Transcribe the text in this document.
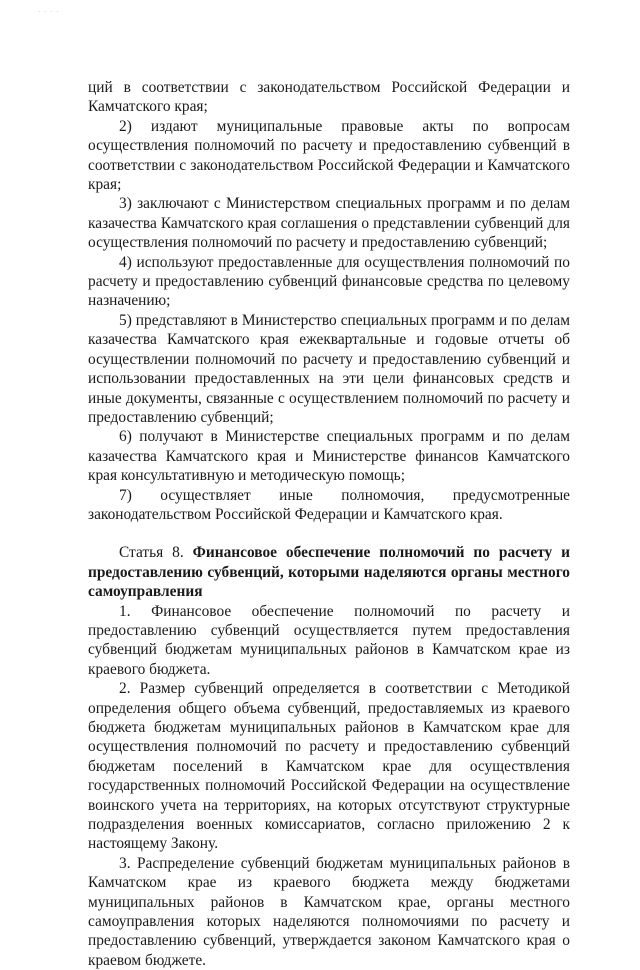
· · · ·

ций в соответствии с законодательством Российской Федерации и Камчатского края;

2) издают муниципальные правовые акты по вопросам осуществления полномочий по расчету и предоставлению субвенций в соответствии с законодательством Российской Федерации и Камчатского края;

3) заключают с Министерством специальных программ и по делам казачества Камчатского края соглашения о представлении субвенций для осуществления полномочий по расчету и предоставлению субвенций;

4) используют предоставленные для осуществления полномочий по расчету и предоставлению субвенций финансовые средства по целевому назначению;

5) представляют в Министерство специальных программ и по делам казачества Камчатского края ежеквартальные и годовые отчеты об осуществлении полномочий по расчету и предоставлению субвенций и использовании предоставленных на эти цели финансовых средств и иные документы, связанные с осуществлением полномочий по расчету и предоставлению субвенций;

6) получают в Министерстве специальных программ и по делам казачества Камчатского края и Министерстве финансов Камчатского края консультативную и методическую помощь;

7) осуществляет иные полномочия, предусмотренные законодательством Российской Федерации и Камчатского края.

Статья 8. Финансовое обеспечение полномочий по расчету и предоставлению субвенций, которыми наделяются органы местного самоуправления

1. Финансовое обеспечение полномочий по расчету и предоставлению субвенций осуществляется путем предоставления субвенций бюджетам муниципальных районов в Камчатском крае из краевого бюджета.

2. Размер субвенций определяется в соответствии с Методикой определения общего объема субвенций, предоставляемых из краевого бюджета бюджетам муниципальных районов в Камчатском крае для осуществления полномочий по расчету и предоставлению субвенций бюджетам поселений в Камчатском крае для осуществления государственных полномочий Российской Федерации на осуществление воинского учета на территориях, на которых отсутствуют структурные подразделения военных комиссариатов, согласно приложению 2 к настоящему Закону.

3. Распределение субвенций бюджетам муниципальных районов в Камчатском крае из краевого бюджета между бюджетами муниципальных районов в Камчатском крае, органы местного самоуправления которых наделяются полномочиями по расчету и предоставлению субвенций, утверждается законом Камчатского края о краевом бюджете.
